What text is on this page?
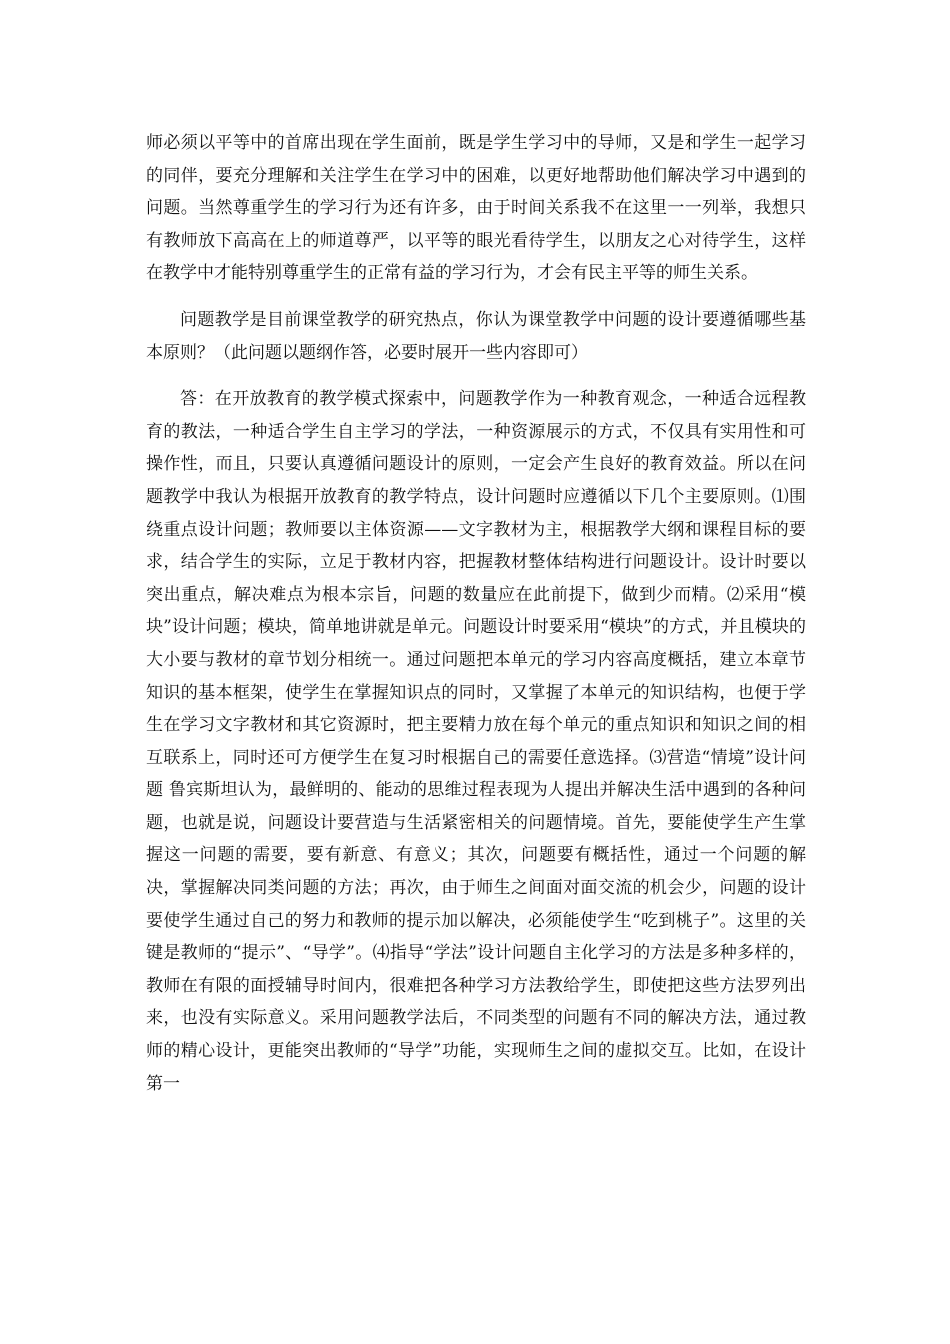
师必须以平等中的首席出现在学生面前，既是学生学习中的导师，又是和学生一起学习的同伴，要充分理解和关注学生在学习中的困难，以更好地帮助他们解决学习中遇到的问题。当然尊重学生的学习行为还有许多，由于时间关系我不在这里一一列举，我想只有教师放下高高在上的师道尊严，以平等的眼光看待学生，以朋友之心对待学生，这样在教学中才能特别尊重学生的正常有益的学习行为，才会有民主平等的师生关系。

问题教学是目前课堂教学的研究热点，你认为课堂教学中问题的设计要遵循哪些基本原则？（此问题以题纲作答，必要时展开一些内容即可）

答：在开放教育的教学模式探索中，问题教学作为一种教育观念，一种适合远程教育的教法，一种适合学生自主学习的学法，一种资源展示的方式，不仅具有实用性和可操作性，而且，只要认真遵循问题设计的原则，一定会产生良好的教育效益。所以在问题教学中我认为根据开放教育的教学特点，设计问题时应遵循以下几个主要原则。⑴围绕重点设计问题；教师要以主体资源——文字教材为主，根据教学大纲和课程目标的要求，结合学生的实际，立足于教材内容，把握教材整体结构进行问题设计。设计时要以突出重点，解决难点为根本宗旨，问题的数量应在此前提下，做到少而精。⑵采用“模块”设计问题；模块，简单地讲就是单元。问题设计时要采用“模块”的方式，并且模块的大小要与教材的章节划分相统一。通过问题把本单元的学习内容高度概括，建立本章节知识的基本框架，使学生在掌握知识点的同时，又掌握了本单元的知识结构，也便于学生在学习文字教材和其它资源时，把主要精力放在每个单元的重点知识和知识之间的相互联系上，同时还可方便学生在复习时根据自己的需要任意选择。⑶营造“情境”设计问题 鲁宾斯坦认为，最鲜明的、能动的思维过程表现为人提出并解决生活中遇到的各种问题，也就是说，问题设计要营造与生活紧密相关的问题情境。首先，要能使学生产生掌握这一问题的需要，要有新意、有意义；其次，问题要有概括性，通过一个问题的解决，掌握解决同类问题的方法；再次，由于师生之间面对面交流的机会少，问题的设计要使学生通过自己的努力和教师的提示加以解决，必须能使学生“吃到桃子”。这里的关键是教师的“提示”、“导学”。⑷指导“学法”设计问题自主化学习的方法是多种多样的，教师在有限的面授辅导时间内，很难把各种学习方法教给学生，即使把这些方法罗列出来，也没有实际意义。采用问题教学法后，不同类型的问题有不同的解决方法，通过教师的精心设计，更能突出教师的“导学”功能，实现师生之间的虚拟交互。比如，在设计第一
